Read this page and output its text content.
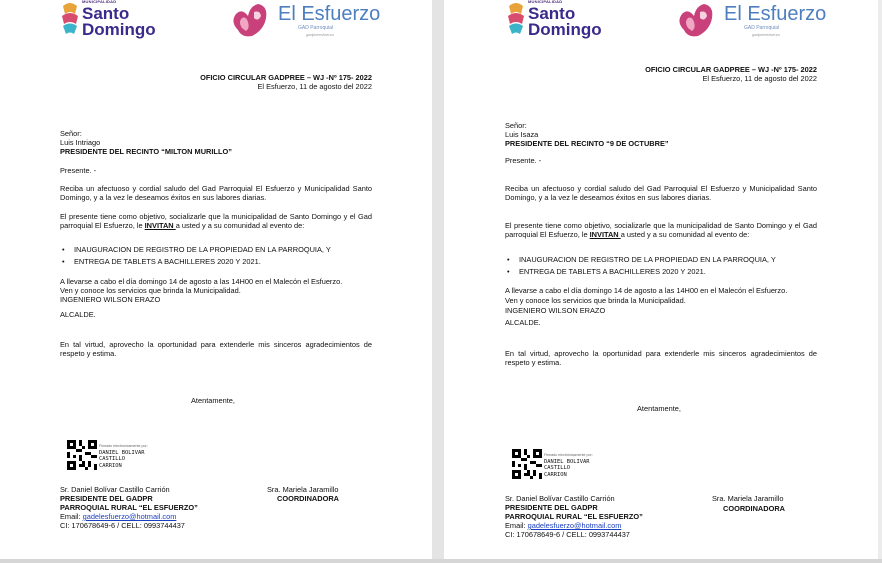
MUNICIPALIDAD
Santo
Domingo
El Esfuerzo
GAD Parroquial
gadpreesfuerzo
OFICIO CIRCULAR GADPREE – WJ -Nº 175- 2022
El Esfuerzo, 11 de agosto del 2022
Señor:
Luis Intriago
PRESIDENTE DEL RECINTO “MILTON MURILLO”
Presente. -
Reciba un afectuoso y cordial saludo del Gad Parroquial El Esfuerzo y Municipalidad Santo Domingo, y a la vez le deseamos éxitos en sus labores diarias.
El presente tiene como objetivo, socializarle que la municipalidad de Santo Domingo y el Gad parroquial El Esfuerzo, le INVITAN a usted y a su comunidad al evento de:
• INAUGURACION DE REGISTRO DE LA PROPIEDAD EN LA PARROQUIA, Y
• ENTREGA DE TABLETS A BACHILLERES 2020 Y 2021.
A llevarse a cabo el día domingo 14 de agosto a las 14H00 en el Malecón el Esfuerzo.
Ven y conoce los servicios que brinda la Municipalidad.
INGENIERO WILSON ERAZO
ALCALDE.
En tal virtud, aprovecho la oportunidad para extenderle mis sinceros agradecimientos de respeto y estima.
Atentamente,
Firmado electrónicamente por:
DANIEL BOLIVAR
CASTILLO
CARRION
Sr. Daniel Bolívar Castillo Carrión
PRESIDENTE DEL GADPR
PARROQUIAL RURAL “EL ESFUERZO”
Email: gadelesfuerzo@hotmail.com
CI: 170678649-6 / CELL: 0993744437
Sra. Mariela Jaramillo
COORDINADORA
MUNICIPALIDAD
Santo
Domingo
El Esfuerzo
GAD Parroquial
gadpreesfuerzo
OFICIO CIRCULAR GADPREE – WJ -Nº 175- 2022
El Esfuerzo, 11 de agosto del 2022
Señor:
Luis Isaza
PRESIDENTE DEL RECINTO “9 DE OCTUBRE”
Presente. -
Reciba un afectuoso y cordial saludo del Gad Parroquial El Esfuerzo y Municipalidad Santo Domingo, y a la vez le deseamos éxitos en sus labores diarias.
El presente tiene como objetivo, socializarle que la municipalidad de Santo Domingo y el Gad parroquial El Esfuerzo, le INVITAN a usted y a su comunidad al evento de:
• INAUGURACION DE REGISTRO DE LA PROPIEDAD EN LA PARROQUIA, Y
• ENTREGA DE TABLETS A BACHILLERES 2020 Y 2021.
A llevarse a cabo el día domingo 14 de agosto a las 14H00 en el Malecón el Esfuerzo.
Ven y conoce los servicios que brinda la Municipalidad.
INGENIERO WILSON ERAZO
ALCALDE.
En tal virtud, aprovecho la oportunidad para extenderle mis sinceros agradecimientos de respeto y estima.
Atentamente,
Firmado electrónicamente por:
DANIEL BOLIVAR
CASTILLO
CARRION
Sr. Daniel Bolívar Castillo Carrión
PRESIDENTE DEL GADPR
PARROQUIAL RURAL “EL ESFUERZO”
Email: gadelesfuerzo@hotmail.com
CI: 170678649-6 / CELL: 0993744437
Sra. Mariela Jaramillo
COORDINADORA
